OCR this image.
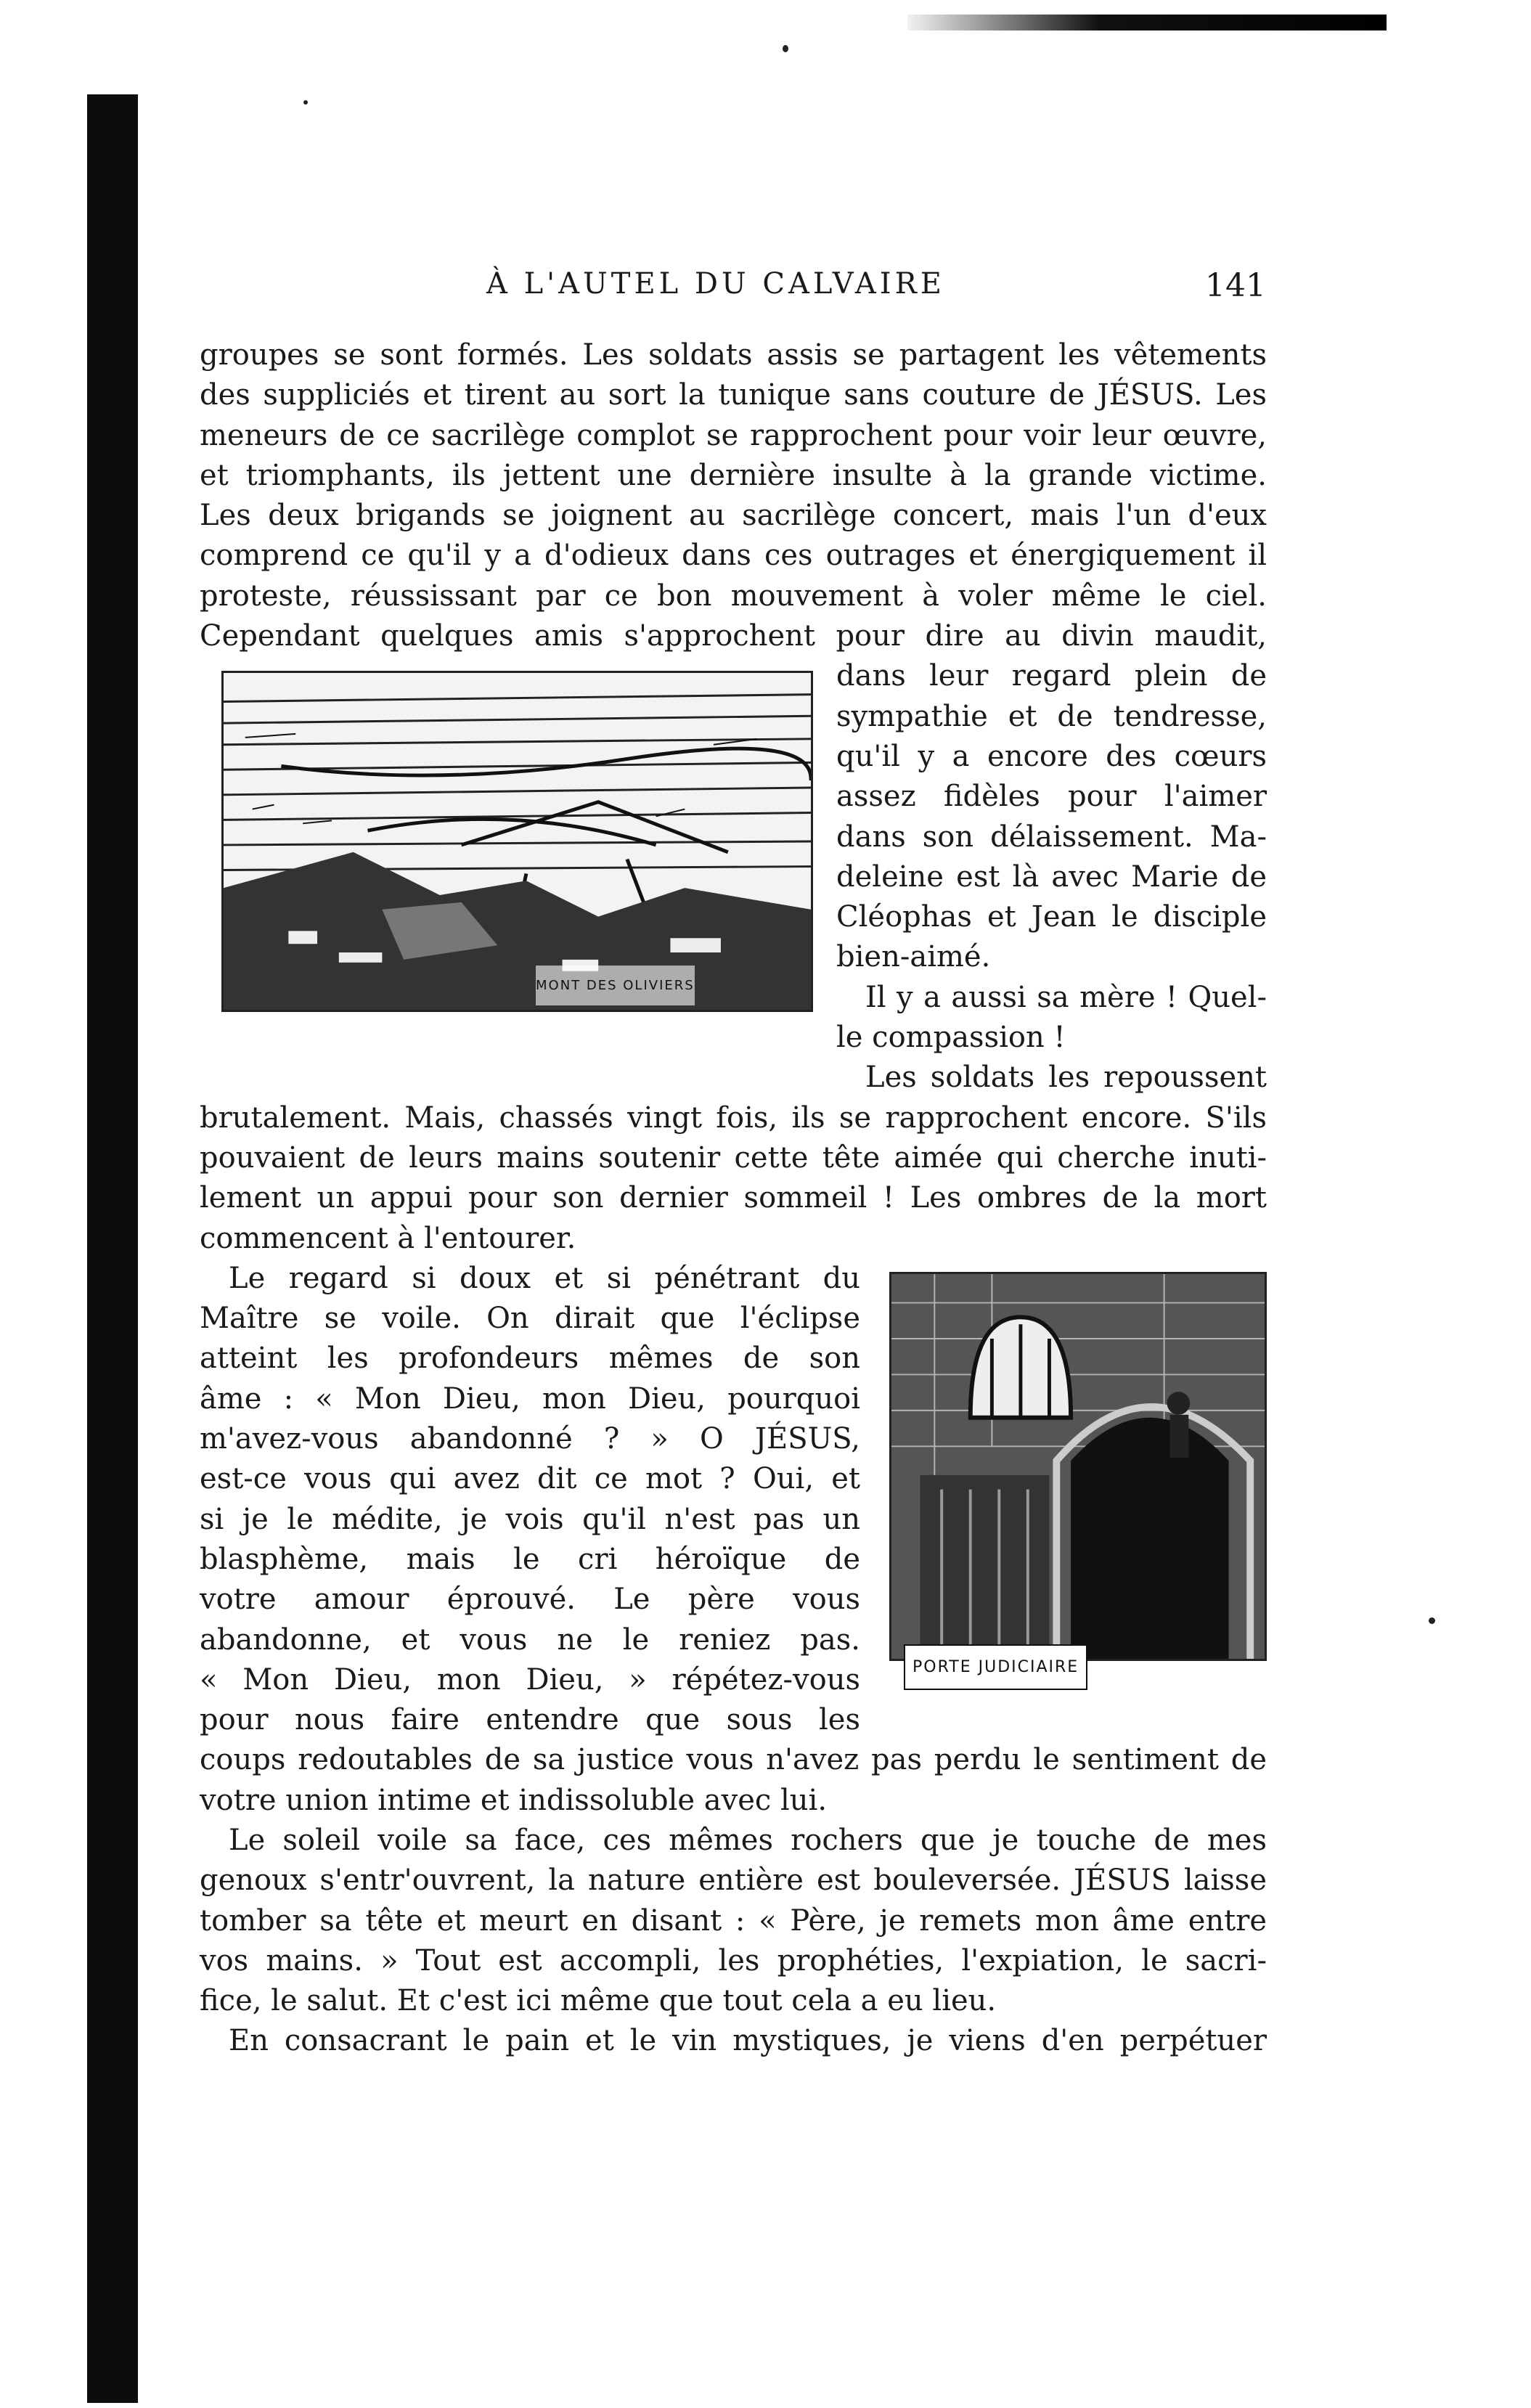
À L'AUTEL DU CALVAIRE	141
groupes se sont formés. Les soldats assis se partagent les vêtements
des suppliciés et tirent au sort la tunique sans couture de JÉSUS. Les
meneurs de ce sacrilège complot se rapprochent pour voir leur œuvre,
et triomphants, ils jettent une dernière insulte à la grande victime.
Les deux brigands se joignent au sacrilège concert, mais l'un d'eux
comprend ce qu'il y a d'odieux dans ces outrages et énergiquement il
proteste, réussissant par ce bon mouvement à voler même le ciel.
Cependant quelques amis s'approchent pour dire au divin maudit,
MONT DES OLIVIERS
dans leur regard plein de
sympathie et de tendresse,
qu'il y a encore des cœurs
assez fidèles pour l'aimer
dans son délaissement. Ma-
deleine est là avec Marie de
Cléophas et Jean le disciple
bien-aimé.
Il y a aussi sa mère ! Quel-
le compassion !
Les soldats les repoussent
brutalement. Mais, chassés vingt fois, ils se rapprochent encore. S'ils
pouvaient de leurs mains soutenir cette tête aimée qui cherche inuti-
lement un appui pour son dernier sommeil ! Les ombres de la mort
commencent à l'entourer.
Le regard si doux et si pénétrant du
Maître se voile. On dirait que l'éclipse
atteint les profondeurs mêmes de son
âme : « Mon Dieu, mon Dieu, pourquoi
m'avez-vous abandonné ? » O JÉSUS,
est-ce vous qui avez dit ce mot ? Oui, et
si je le médite, je vois qu'il n'est pas un
blasphème, mais le cri héroïque de
votre amour éprouvé. Le père vous
abandonne, et vous ne le reniez pas.
« Mon Dieu, mon Dieu, » répétez-vous
pour nous faire entendre que sous les
PORTE JUDICIAIRE
coups redoutables de sa justice vous n'avez pas perdu le sentiment de
votre union intime et indissoluble avec lui.
Le soleil voile sa face, ces mêmes rochers que je touche de mes
genoux s'entr'ouvrent, la nature entière est bouleversée. JÉSUS laisse
tomber sa tête et meurt en disant : « Père, je remets mon âme entre
vos mains. » Tout est accompli, les prophéties, l'expiation, le sacri-
fice, le salut. Et c'est ici même que tout cela a eu lieu.
En consacrant le pain et le vin mystiques, je viens d'en perpétuer
